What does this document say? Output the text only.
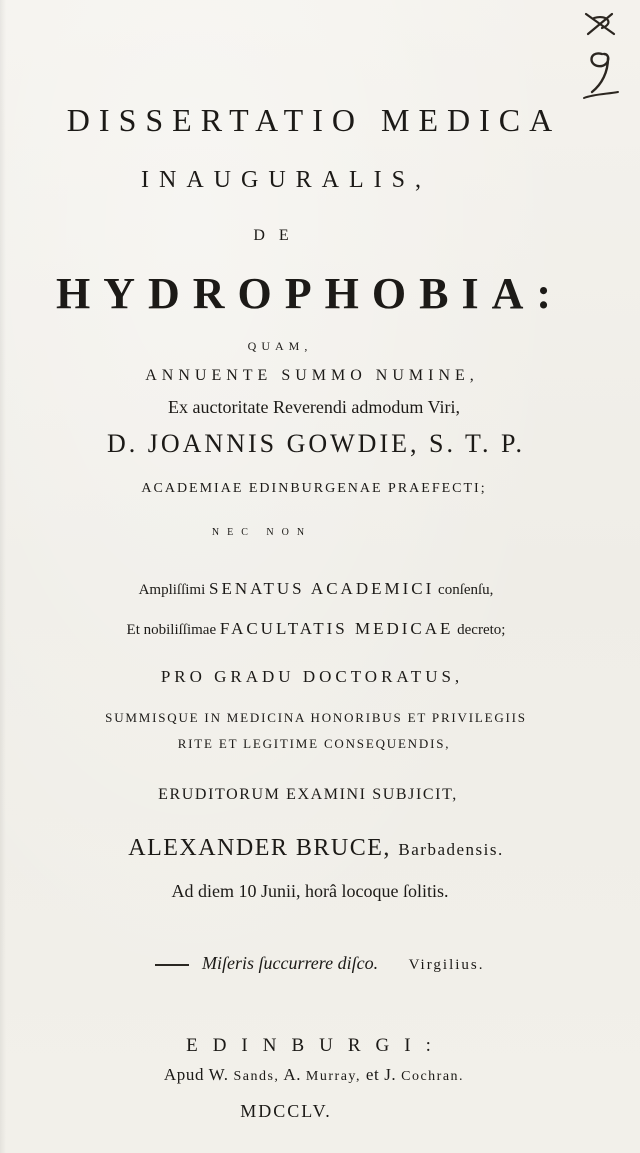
9
DISSERTATIO MEDICA
INAUGURALIS,
DE
HYDROPHOBIA:
QUAM,
ANNUENTE SUMMO NUMINE,
Ex auctoritate Reverendi admodum Viri,
D. JOANNIS GOWDIE, S. T. P.
ACADEMIAE EDINBURGENAE PRAEFECTI;
NEC NON
Ampliſſimi SENATUS ACADEMICI conſenſu,
Et nobiliſſimae FACULTATIS MEDICAE decreto;
PRO GRADU DOCTORATUS,
SUMMISQUE IN MEDICINA HONORIBUS ET PRIVILEGIIS
RITE ET LEGITIME CONSEQUENDIS,
ERUDITORUM EXAMINI SUBJICIT,
ALEXANDER BRUCE, Barbadensis.
Ad diem 10 Junii, horâ locoque ſolitis.
Miſeris ſuccurrere diſco. Virgilius.
EDINBURGI:
Apud W. Sands, A. Murray, et J. Cochran.
MDCCLV.
